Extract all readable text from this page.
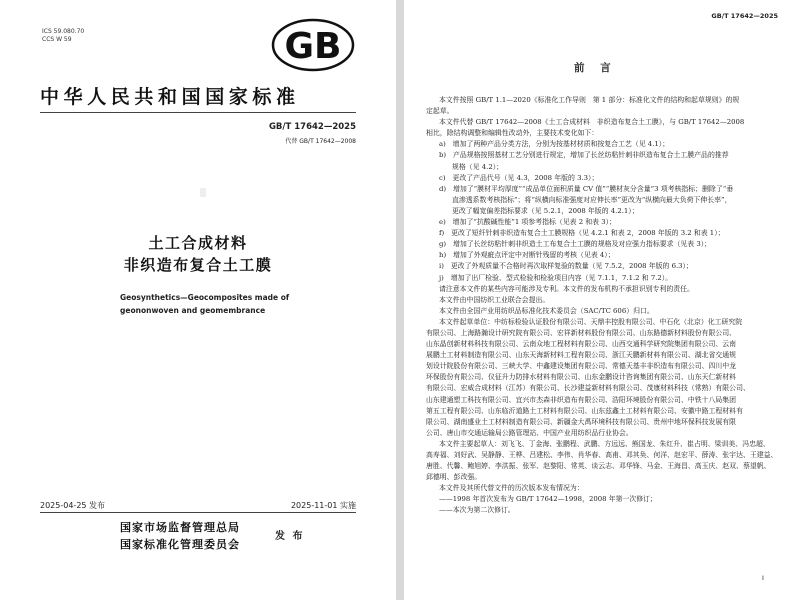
ICS 59.080.70
CCS W 59	GB
中华人民共和国国家标准
GB/T 17642—2025
代替 GB/T 17642—2008
土工合成材料
非织造布复合土工膜
Geosynthetics—Geocomposites made of
geononwoven and geomembrance
2025-04-25 发布	2025-11-01 实施
国家市场监督管理总局
国家标准化管理委员会
发 布
GB/T 17642—2025
前 言
本文件按照 GB/T 1.1—2020《标准化工作导则　第 1 部分：标准化文件的结构和起草规则》的规
定起草。
本文件代替 GB/T 17642—2008《土工合成材料　非织造布复合土工膜》，与 GB/T 17642—2008
相比，除结构调整和编辑性改动外，主要技术变化如下：
a)　增加了两种产品分类方法，分别为按基材材质和按复合工艺（见 4.1）；
b)　产品规格按照基材工艺分别进行规定，增加了长丝纺粘针刺非织造布复合土工膜产品的推荐
规格（见 4.2）；
c)　更改了产品代号（见 4.3，2008 年版的 3.3）；
d)　增加了“膜材平均厚度”“成品单位面积质量 CV 值”“膜材灰分含量”3 项考核指标；删除了“垂
直渗透系数考核指标”；将“纵横向标准强度对应伸长率”更改为“纵横向最大负荷下伸长率”，
更改了幅宽偏差指标要求（见 5.2.1，2008 年版的 4.2.1）；
e)　增加了“抗酸碱性能”1 项参考指标（见表 2 和表 3）；
f)　更改了短纤针刺非织造布复合土工膜规格（见 4.2.1 和表 2，2008 年版的 3.2 和表 1）；
g)　增加了长丝纺粘针刺非织造土工布复合土工膜的规格及对应强力指标要求（见表 3）；
h)　增加了外观疵点评定中对断针残留的考核（见表 4）；
i)　更改了外观质量不合格时再次取样复验的数量（见 7.5.2，2008 年版的 6.3）；
j)　增加了出厂检验、型式检验和检验项目内容（见 7.1.1，7.1.2 和 7.2）。
请注意本文件的某些内容可能涉及专利。本文件的发布机构不承担识别专利的责任。
本文件由中国纺织工业联合会提出。
本文件由全国产业用纺织品标准化技术委员会（SAC/TC 606）归口。
本文件起草单位：中纺标检验认证股份有限公司、天鼎丰控股有限公司、中石化（北京）化工研究院
有限公司、上海路瀚设计研究院有限公司、宏祥新材料股份有限公司、山东路德新材料股份有限公司、
山东晶创新材料科技有限公司、云南众地工程材料有限公司、山西交通科学研究院集团有限公司、云南
展鹏土工材料制造有限公司、山东天海新材料工程有限公司、浙江天鹏新材料有限公司、湖北省交通规
划设计院股份有限公司、三峡大学、中鑫建设集团有限公司、常德天基丰非织造布有限公司、四川中龙
环保股份有限公司、仪征升力防排水材料有限公司、山东金鹏设计咨询集团有限公司、山东天仁新材料
有限公司、宏威合成材料（江苏）有限公司、长沙建益新材料有限公司、茂康材料科技（常熟）有限公司、
山东建通塑工科技有限公司、宜兴市杰森非织造布有限公司、浩阳环境股份有限公司、中铁十八局集团
第五工程有限公司、山东临沂道路土工材料有限公司、山东兹鑫土工材料有限公司、安徽中路工程材料有
限公司、湖南盛业土工材料制造有限公司、新疆金大禹环境科技有限公司、贵州中地环保科技发展有限
公司、唐山市交通运输局公路管理站、中国产业用纺织品行业协会。
本文件主要起草人：刘飞飞、丁金海、张鹏程、武鹏、方远远、熊国龙、朱红升、崔占明、梁训美、冯忠超、
高寿福、刘好武、吴静静、王桦、吕建松、李伟、肖华春、高甫、邓其奂、何洋、赵宏平、薛涛、张宇达、王建益、
唐胜、代馨、鲍旭婷、李洪振、张军、赵黎阳、常英、谈云志、邓华锋、马金、王海昌、高玉庆、赵双、蔡望帆、
邱德明、彭改强。
本文件及其所代替文件的历次版本发布情况为：
——1998 年首次发布为 GB/T 17642—1998，2008 年第一次修订；
——本次为第二次修订。
I
